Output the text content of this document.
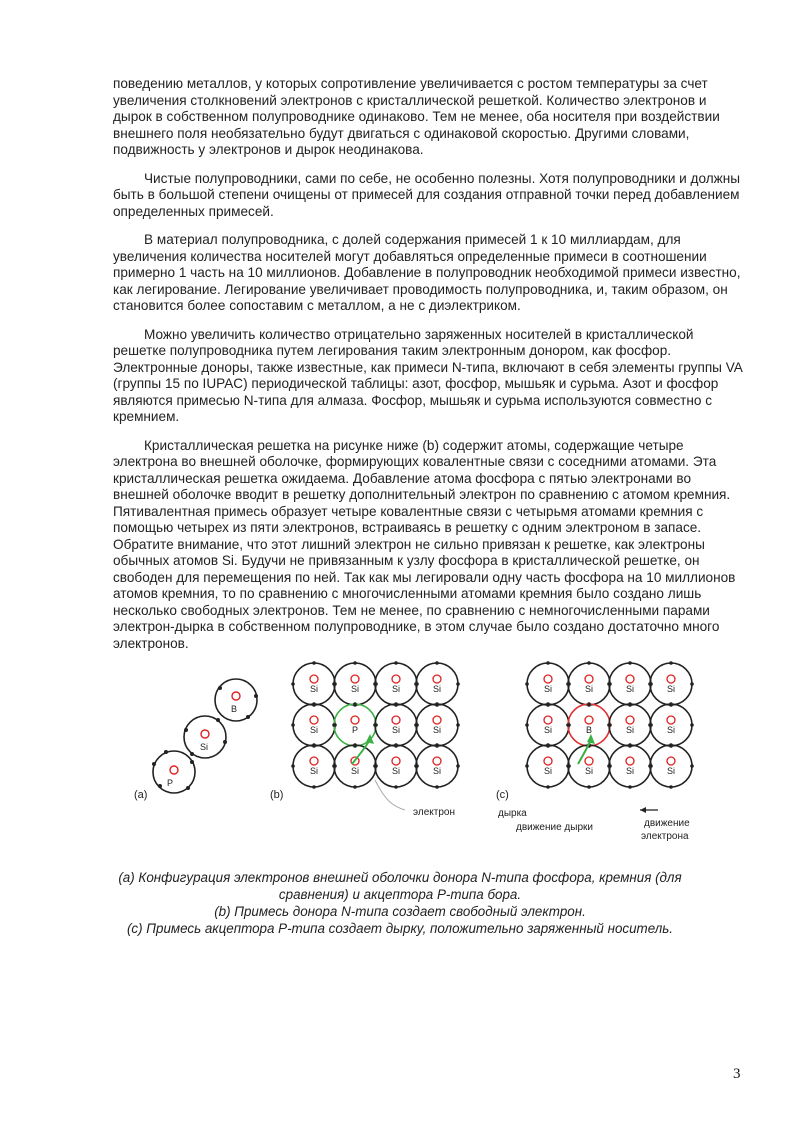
поведению металлов, у которых сопротивление увеличивается с ростом температуры за счет увеличения столкновений электронов с кристаллической решеткой. Количество электронов и дырок в собственном полупроводнике одинаково. Тем не менее, оба носителя при воздействии внешнего поля необязательно будут двигаться с одинаковой скоростью. Другими словами, подвижность у электронов и дырок неодинакова.

Чистые полупроводники, сами по себе, не особенно полезны. Хотя полупроводники и должны быть в большой степени очищены от примесей для создания отправной точки перед добавлением определенных примесей.

В материал полупроводника, с долей содержания примесей 1 к 10 миллиардам, для увеличения количества носителей могут добавляться определенные примеси в соотношении примерно 1 часть на 10 миллионов. Добавление в полупроводник необходимой примеси известно, как легирование. Легирование увеличивает проводимость полупроводника, и, таким образом, он становится более сопоставим с металлом, а не с диэлектриком.

Можно увеличить количество отрицательно заряженных носителей в кристаллической решетке полупроводника путем легирования таким электронным донором, как фосфор. Электронные доноры, также известные, как примеси N-типа, включают в себя элементы группы VA (группы 15 по IUPAC) периодической таблицы: азот, фосфор, мышьяк и сурьма. Азот и фосфор являются примесью N-типа для алмаза. Фосфор, мышьяк и сурьма используются совместно с кремнием.

Кристаллическая решетка на рисунке ниже (b) содержит атомы, содержащие четыре электрона во внешней оболочке, формирующих ковалентные связи с соседними атомами. Эта кристаллическая решетка ожидаема. Добавление атома фосфора с пятью электронами во внешней оболочке вводит в решетку дополнительный электрон по сравнению с атомом кремния. Пятивалентная примесь образует четыре ковалентные связи с четырьмя атомами кремния с помощью четырех из пяти электронов, встраиваясь в решетку с одним электроном в запасе. Обратите внимание, что этот лишний электрон не сильно привязан к решетке, как электроны обычных атомов Si. Будучи не привязанным к узлу фосфора в кристаллической решетке, он свободен для перемещения по ней. Так как мы легировали одну часть фосфора на 10 миллионов атомов кремния, то по сравнению с многочисленными атомами кремния было создано лишь несколько свободных электронов. Тем не менее, по сравнению с немногочисленными парами электрон-дырка в собственном полупроводнике, в этом случае было создано достаточно много электронов.

(a)
P
Si
B
(b)
Si	Si	Si	Si
Si	P	Si	Si
Si	Si	Si	Si
электрон
(c)
Si	Si	Si	Si
Si	B	Si	Si
Si	Si	Si	Si
дырка
движение дырки	движение
электрона
(a) Конфигурация электронов внешней оболочки донора N-типа фосфора, кремния (для
сравнения) и акцептора P-типа бора.
(b) Примесь донора N-типа создает свободный электрон.
(c) Примесь акцептора P-типа создает дырку, положительно заряженный носитель.
3
